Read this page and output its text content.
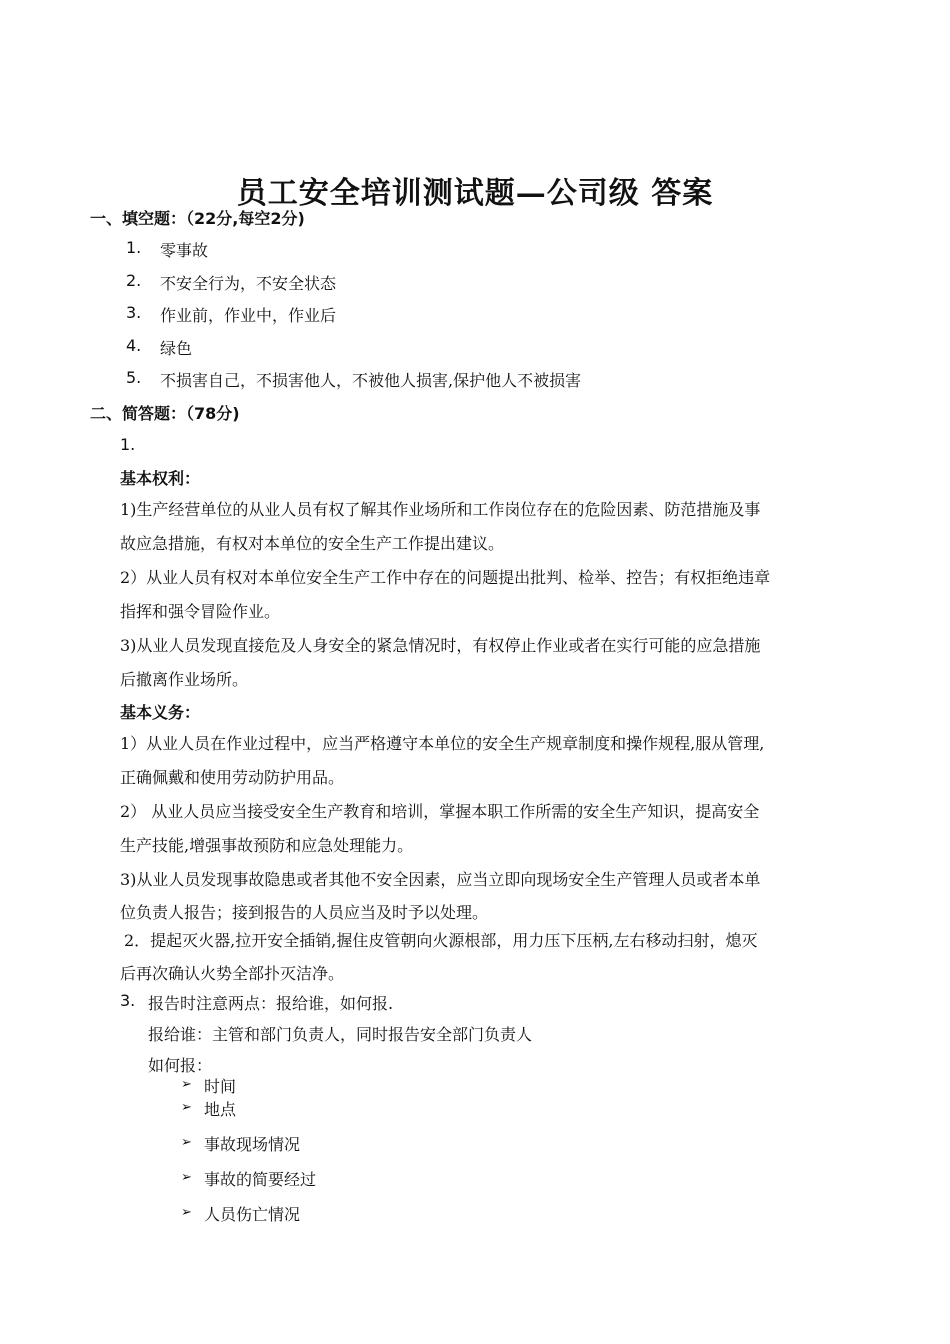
员工安全培训测试题—公司级 答案
一、填空题：（22分,每空2分)
1. 零事故
2. 不安全行为，不安全状态
3. 作业前，作业中，作业后
4. 绿色
5. 不损害自己，不损害他人，不被他人损害,保护他人不被损害
二、简答题：（78分)
1.
基本权利：
1)生产经营单位的从业人员有权了解其作业场所和工作岗位存在的危险因素、防范措施及事
故应急措施，有权对本单位的安全生产工作提出建议。
2）从业人员有权对本单位安全生产工作中存在的问题提出批判、检举、控告；有权拒绝违章
指挥和强令冒险作业。
3)从业人员发现直接危及人身安全的紧急情况时，有权停止作业或者在实行可能的应急措施
后撤离作业场所。
基本义务：
1）从业人员在作业过程中，应当严格遵守本单位的安全生产规章制度和操作规程,服从管理,
正确佩戴和使用劳动防护用品。
2） 从业人员应当接受安全生产教育和培训，掌握本职工作所需的安全生产知识，提高安全
生产技能,增强事故预防和应急处理能力。
3)从业人员发现事故隐患或者其他不安全因素，应当立即向现场安全生产管理人员或者本单
位负责人报告；接到报告的人员应当及时予以处理。
2．提起灭火器,拉开安全插销,握住皮管朝向火源根部，用力压下压柄,左右移动扫射，熄灭
后再次确认火势全部扑灭洁净。
3. 报告时注意两点：报给谁，如何报.
报给谁：主管和部门负责人，同时报告安全部门负责人
如何报：
➢ 时间
➢ 地点
➢ 事故现场情况
➢ 事故的简要经过
➢ 人员伤亡情况
